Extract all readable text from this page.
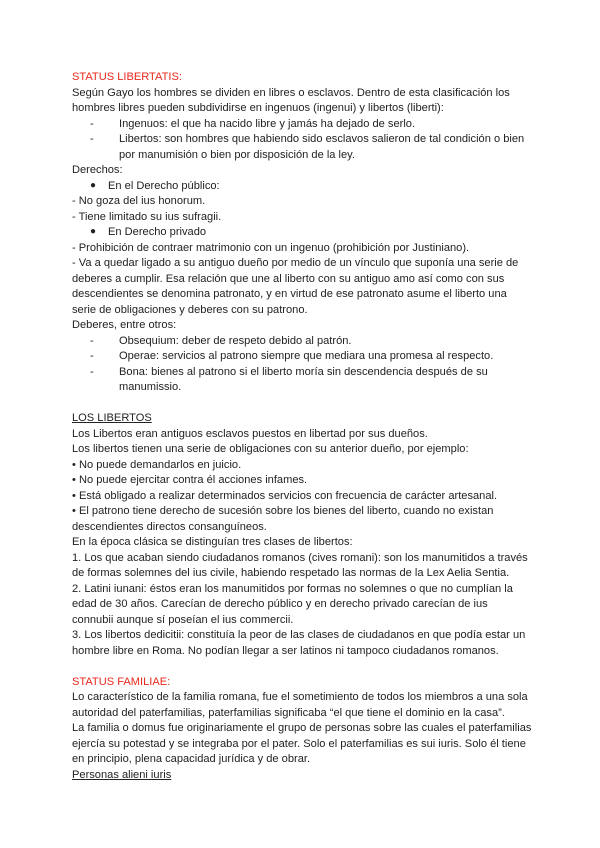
STATUS LIBERTATIS:

Según Gayo los hombres se dividen en libres o esclavos. Dentro de esta clasificación los hombres libres pueden subdividirse en ingenuos (ingenui) y libertos (liberti):

- Ingenuos: el que ha nacido libre y jamás ha dejado de serlo.
- Libertos: son hombres que habiendo sido esclavos salieron de tal condición o bien por manumisión o bien por disposición de la ley.

Derechos:

● En el Derecho público:

- No goza del ius honorum.

- Tiene limitado su ius sufragii.

● En Derecho privado

- Prohibición de contraer matrimonio con un ingenuo (prohibición por Justiniano).

- Va a quedar ligado a su antiguo dueño por medio de un vínculo que suponía una serie de deberes a cumplir. Esa relación que une al liberto con su antiguo amo así como con sus descendientes se denomina patronato, y en virtud de ese patronato asume el liberto una serie de obligaciones y deberes con su patrono.

Deberes, entre otros:

- Obsequium: deber de respeto debido al patrón.
- Operae: servicios al patrono siempre que mediara una promesa al respecto.
- Bona: bienes al patrono si el liberto moría sin descendencia después de su manumissio.

LOS LIBERTOS

Los Libertos eran antiguos esclavos puestos en libertad por sus dueños.

Los libertos tienen una serie de obligaciones con su anterior dueño, por ejemplo:

• No puede demandarlos en juicio.

• No puede ejercitar contra él acciones infames.

• Está obligado a realizar determinados servicios con frecuencia de carácter artesanal.

• El patrono tiene derecho de sucesión sobre los bienes del liberto, cuando no existan descendientes directos consanguíneos.

En la época clásica se distinguían tres clases de libertos:

1. Los que acaban siendo ciudadanos romanos (cives romani): son los manumitidos a través de formas solemnes del ius civile, habiendo respetado las normas de la Lex Aelia Sentia.

2. Latini iunani: éstos eran los manumitidos por formas no solemnes o que no cumplían la edad de 30 años. Carecían de derecho público y en derecho privado carecían de ius connubii aunque sí poseían el ius commercii.

3. Los libertos dedicitii: constituía la peor de las clases de ciudadanos en que podía estar un hombre libre en Roma. No podían llegar a ser latinos ni tampoco ciudadanos romanos.

STATUS FAMILIAE:

Lo característico de la familia romana, fue el sometimiento de todos los miembros a una sola autoridad del paterfamilias, paterfamilias significaba “el que tiene el dominio en la casa”.

La familia o domus fue originariamente el grupo de personas sobre las cuales el paterfamilias ejercía su potestad y se integraba por el pater. Solo el paterfamilias es sui iuris. Solo él tiene en principio, plena capacidad jurídica y de obrar.

Personas alieni iuris
